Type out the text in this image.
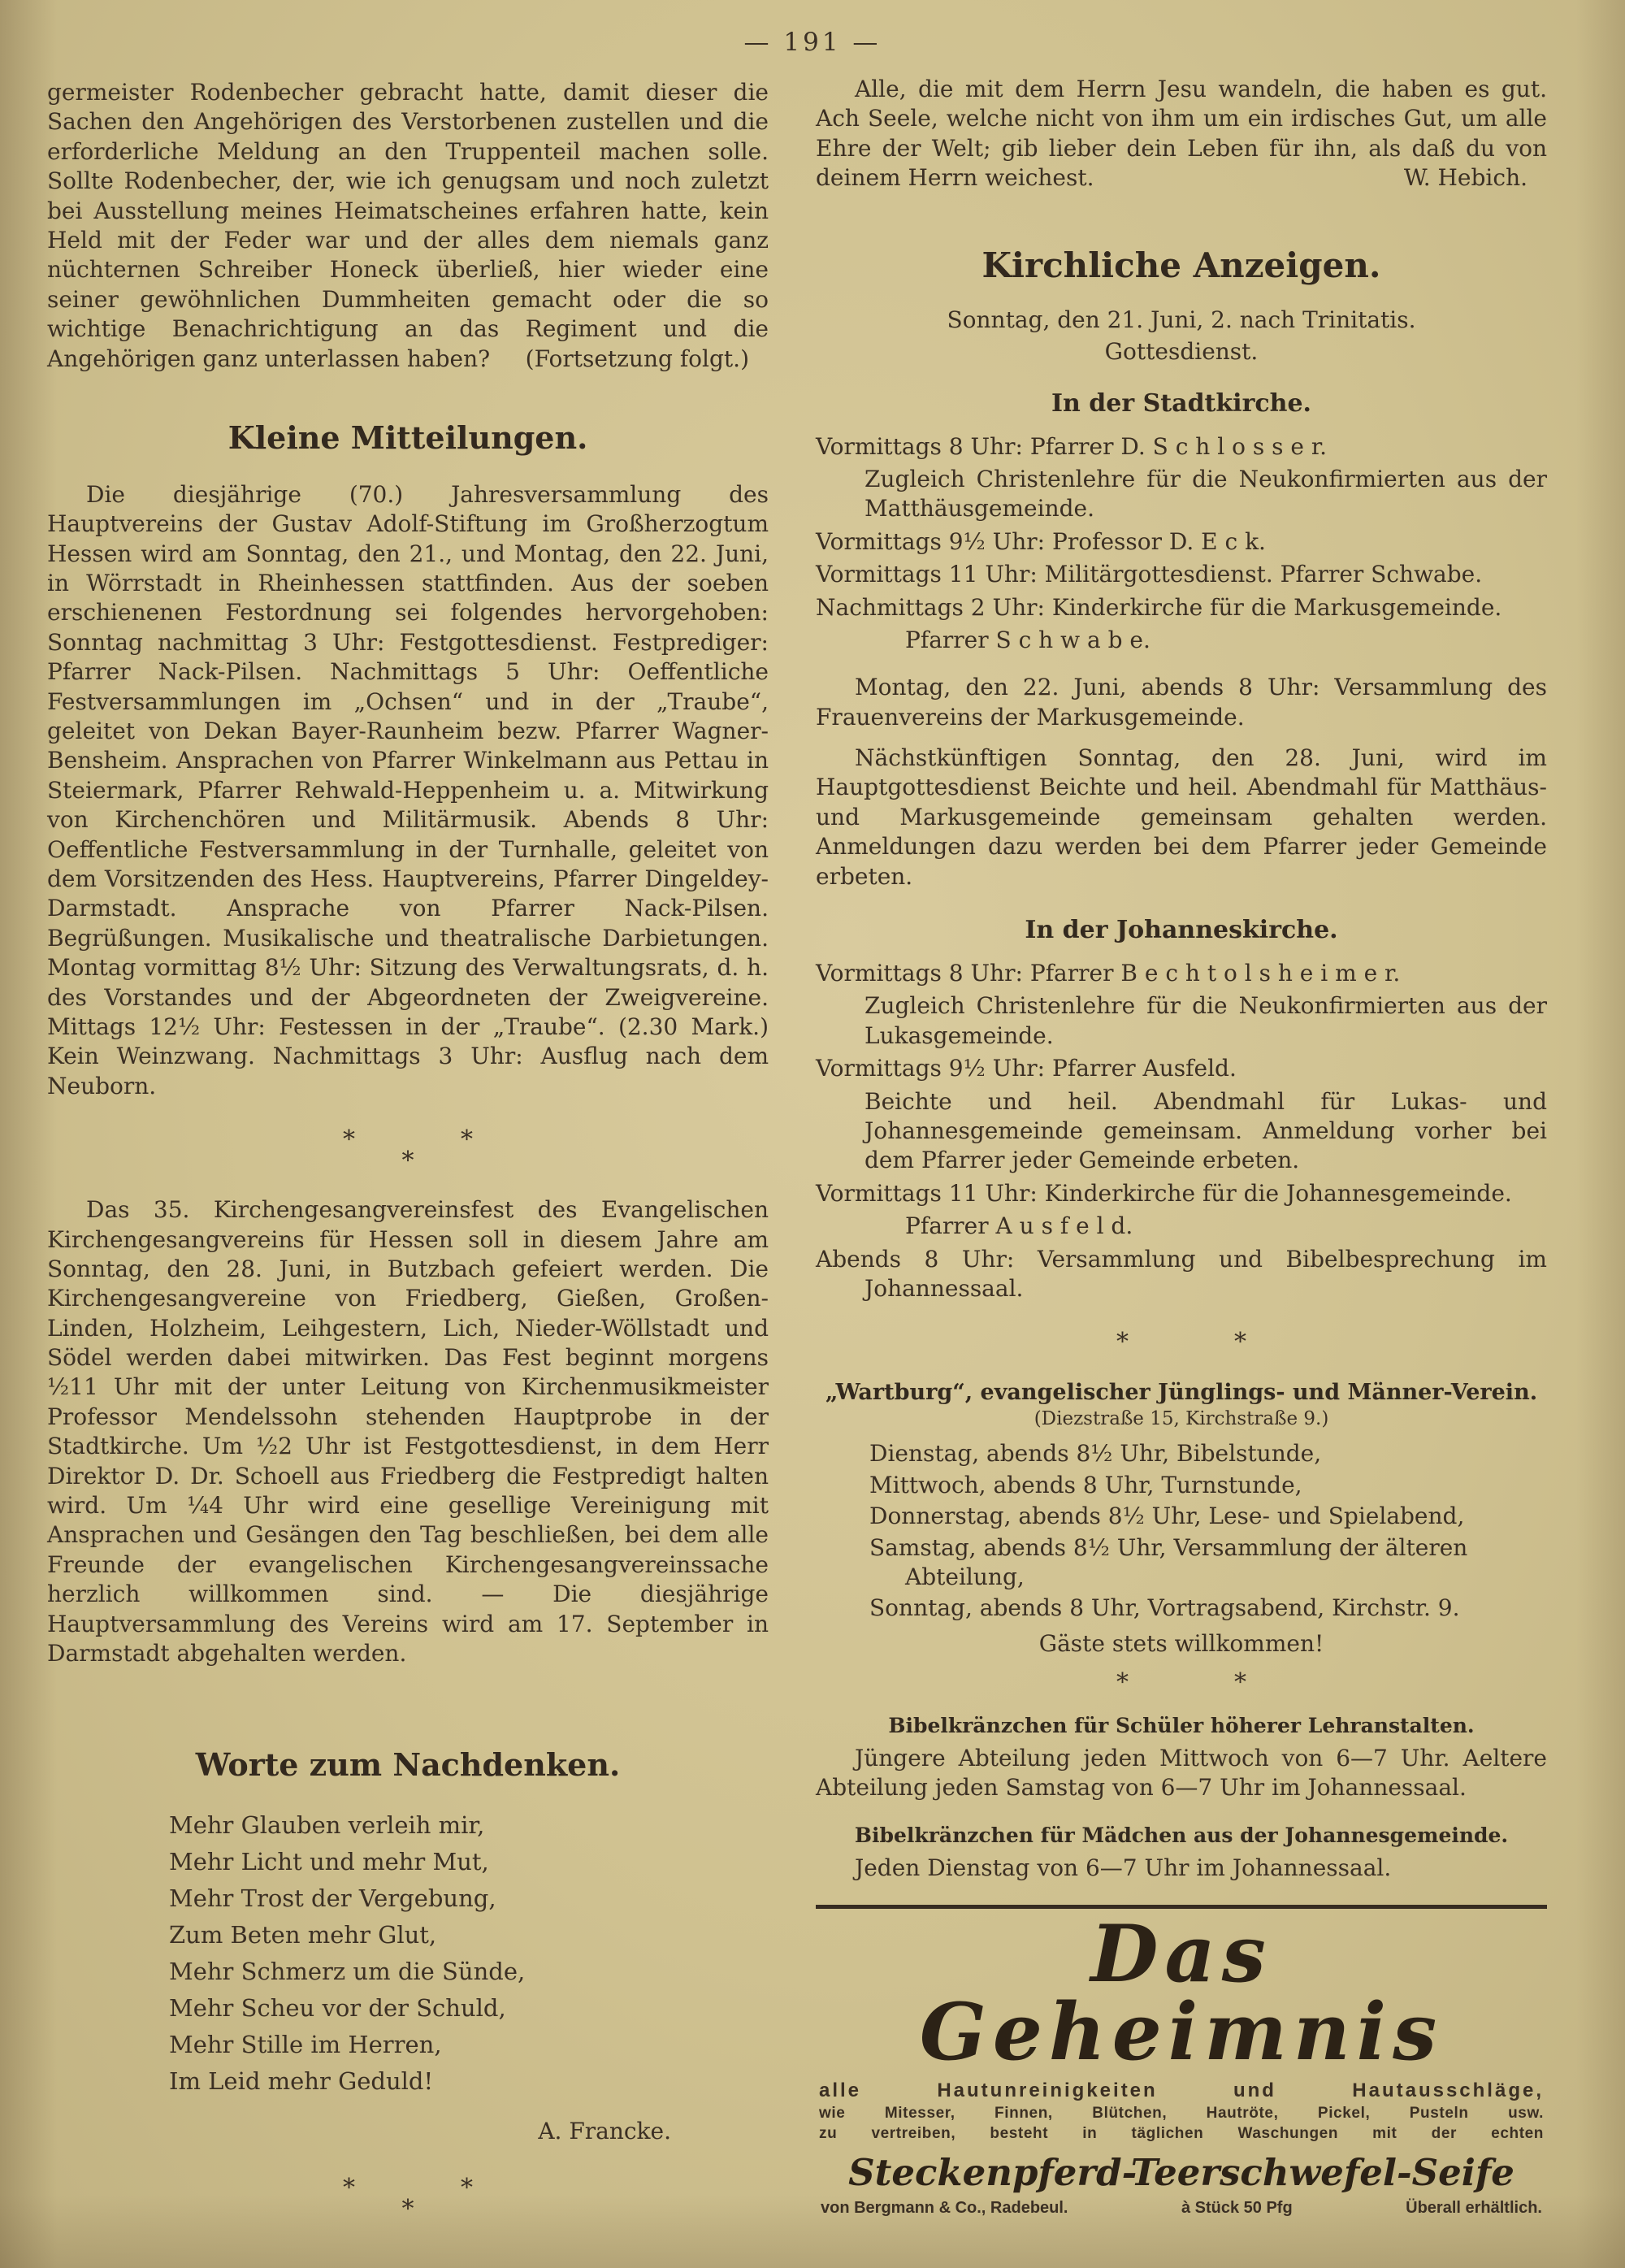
— 191 —

germeister Rodenbecher gebracht hatte, damit dieser die Sachen den Angehörigen des Verstorbenen zustellen und die erforderliche Meldung an den Truppenteil machen solle. Sollte Rodenbecher, der, wie ich genugsam und noch zuletzt bei Ausstellung meines Heimatscheines erfahren hatte, kein Held mit der Feder war und der alles dem niemals ganz nüchternen Schreiber Honeck überließ, hier wieder eine seiner gewöhnlichen Dummheiten gemacht oder die so wichtige Benachrichtigung an das Regiment und die Angehörigen ganz unterlassen haben? (Fortsetzung folgt.)

Kleine Mitteilungen.

Die diesjährige (70.) Jahresversammlung des Hauptvereins der Gustav Adolf-Stiftung im Großherzogtum Hessen wird am Sonntag, den 21., und Montag, den 22. Juni, in Wörrstadt in Rheinhessen stattfinden. Aus der soeben erschienenen Festordnung sei folgendes hervorgehoben: Sonntag nachmittag 3 Uhr: Festgottesdienst. Festprediger: Pfarrer Nack-Pilsen. Nachmittags 5 Uhr: Oeffentliche Festversammlungen im „Ochsen“ und in der „Traube“, geleitet von Dekan Bayer-Raunheim bezw. Pfarrer Wagner-Bensheim. Ansprachen von Pfarrer Winkelmann aus Pettau in Steiermark, Pfarrer Rehwald-Heppenheim u. a. Mitwirkung von Kirchenchören und Militärmusik. Abends 8 Uhr: Oeffentliche Festversammlung in der Turnhalle, geleitet von dem Vorsitzenden des Hess. Hauptvereins, Pfarrer Dingeldey-Darmstadt. Ansprache von Pfarrer Nack-Pilsen. Begrüßungen. Musikalische und theatralische Darbietungen. Montag vormittag 8½ Uhr: Sitzung des Verwaltungsrats, d. h. des Vorstandes und der Abgeordneten der Zweigvereine. Mittags 12½ Uhr: Festessen in der „Traube“. (2.30 Mark.) Kein Weinzwang. Nachmittags 3 Uhr: Ausflug nach dem Neuborn.

*	*
*

Das 35. Kirchengesangvereinsfest des Evangelischen Kirchengesangvereins für Hessen soll in diesem Jahre am Sonntag, den 28. Juni, in Butzbach gefeiert werden. Die Kirchengesangvereine von Friedberg, Gießen, Großen-Linden, Holzheim, Leihgestern, Lich, Nieder-Wöllstadt und Södel werden dabei mitwirken. Das Fest beginnt morgens ½11 Uhr mit der unter Leitung von Kirchenmusikmeister Professor Mendelssohn stehenden Hauptprobe in der Stadtkirche. Um ½2 Uhr ist Festgottesdienst, in dem Herr Direktor D. Dr. Schoell aus Friedberg die Festpredigt halten wird. Um ¼4 Uhr wird eine gesellige Vereinigung mit Ansprachen und Gesängen den Tag beschließen, bei dem alle Freunde der evangelischen Kirchengesangvereinssache herzlich willkommen sind. — Die diesjährige Hauptversammlung des Vereins wird am 17. September in Darmstadt abgehalten werden.

Worte zum Nachdenken.
Mehr Glauben verleih mir,
Mehr Licht und mehr Mut,
Mehr Trost der Vergebung,
Zum Beten mehr Glut,
Mehr Schmerz um die Sünde,
Mehr Scheu vor der Schuld,
Mehr Stille im Herren,
Im Leid mehr Geduld!
A. Francke.
*	*
*

Alle, die mit dem Herrn Jesu wandeln, die haben es gut. Ach Seele, welche nicht von ihm um ein irdisches Gut, um alle Ehre der Welt; gib lieber dein Leben für ihn, als daß du von deinem Herrn weichest.	W. Hebich.

Kirchliche Anzeigen.
Sonntag, den 21. Juni, 2. nach Trinitatis.
Gottesdienst.
In der Stadtkirche.
Vormittags 8 Uhr: Pfarrer D. S c h l o s s e r.
Zugleich Christenlehre für die Neukonfirmierten aus der Matthäusgemeinde.
Vormittags 9½ Uhr: Professor D. E c k.
Vormittags 11 Uhr: Militärgottesdienst. Pfarrer Schwabe.
Nachmittags 2 Uhr: Kinderkirche für die Markusgemeinde.
Pfarrer S c h w a b e.
Montag, den 22. Juni, abends 8 Uhr: Versammlung des Frauenvereins der Markusgemeinde.
Nächstkünftigen Sonntag, den 28. Juni, wird im Hauptgottesdienst Beichte und heil. Abendmahl für Matthäus- und Markusgemeinde gemeinsam gehalten werden. Anmeldungen dazu werden bei dem Pfarrer jeder Gemeinde erbeten.
In der Johanneskirche.
Vormittags 8 Uhr: Pfarrer B e c h t o l s h e i m e r.
Zugleich Christenlehre für die Neukonfirmierten aus der Lukasgemeinde.
Vormittags 9½ Uhr: Pfarrer Ausfeld.
Beichte und heil. Abendmahl für Lukas- und Johannesgemeinde gemeinsam. Anmeldung vorher bei dem Pfarrer jeder Gemeinde erbeten.
Vormittags 11 Uhr: Kinderkirche für die Johannesgemeinde.
Pfarrer A u s f e l d.
Abends 8 Uhr: Versammlung und Bibelbesprechung im Johannessaal.
*	*
„Wartburg“, evangelischer Jünglings- und Männer-Verein.
(Diezstraße 15, Kirchstraße 9.)
Dienstag, abends 8½ Uhr, Bibelstunde,
Mittwoch, abends 8 Uhr, Turnstunde,
Donnerstag, abends 8½ Uhr, Lese- und Spielabend,
Samstag, abends 8½ Uhr, Versammlung der älteren Abteilung,
Sonntag, abends 8 Uhr, Vortragsabend, Kirchstr. 9.
Gäste stets willkommen!
*	*
Bibelkränzchen für Schüler höherer Lehranstalten.
Jüngere Abteilung jeden Mittwoch von 6—7 Uhr. Aeltere Abteilung jeden Samstag von 6—7 Uhr im Johannessaal.
Bibelkränzchen für Mädchen aus der Johannesgemeinde.
Jeden Dienstag von 6—7 Uhr im Johannessaal.
Das Geheimnis
alle Hautunreinigkeiten und Hautausschläge,
wie Mitesser, Finnen, Blütchen, Hautröte, Pickel, Pusteln usw.
zu vertreiben, besteht in täglichen Waschungen mit der echten
Steckenpferd-Teerschwefel-Seife
von Bergmann & Co., Radebeul.	à Stück 50 Pfg	Überall erhältlich.
